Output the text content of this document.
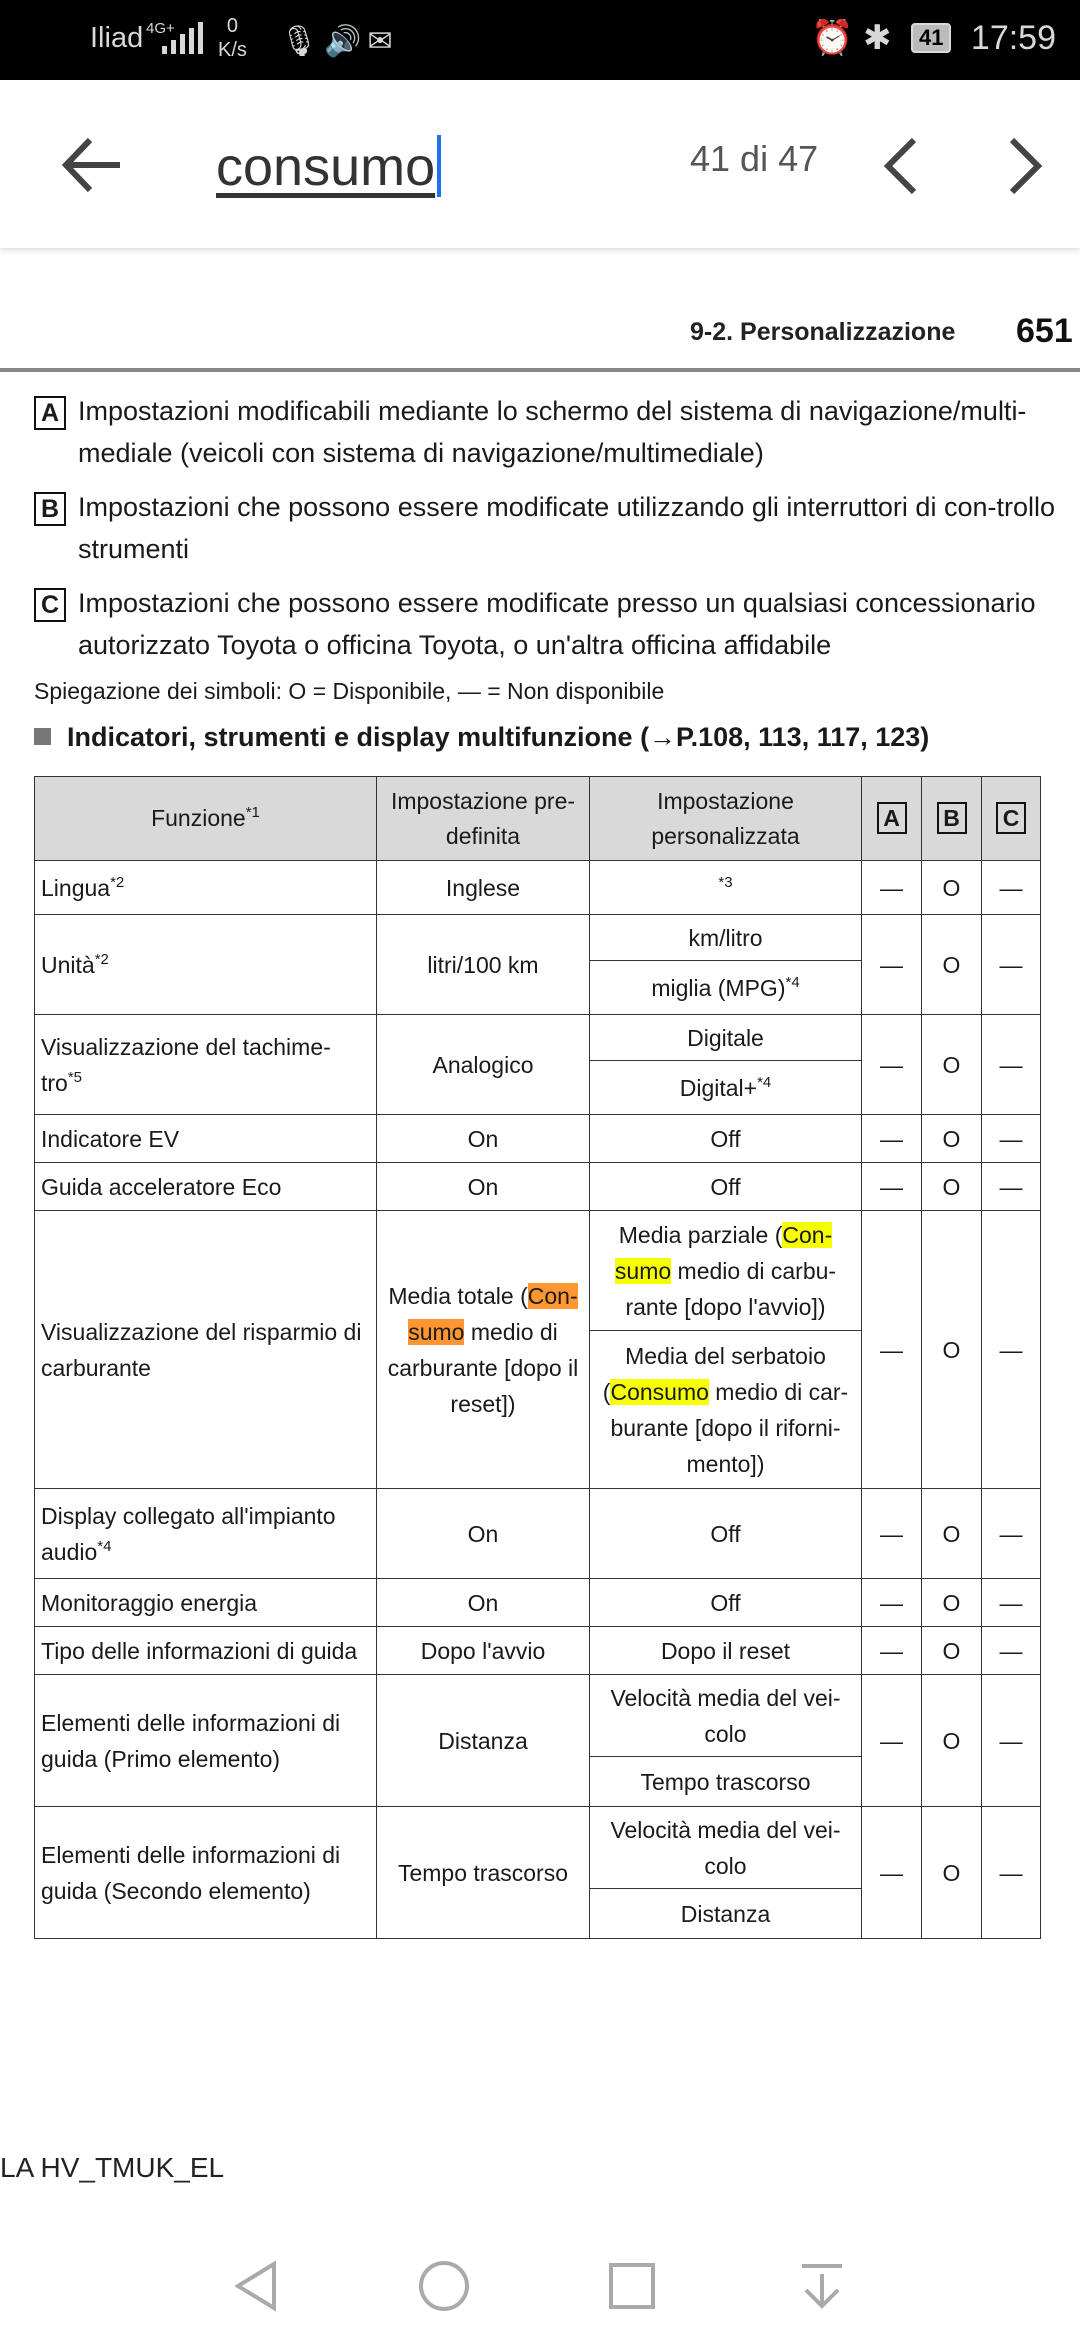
Iliad 4G+	0
K/s 🎙🔊✉	⏰ ✱ 41 17:59
consumo	41 di 47
9-2. Personalizzazione 651
A Impostazioni modificabili mediante lo schermo del sistema di navigazione/multi-mediale (veicoli con sistema di navigazione/multimediale)
B Impostazioni che possono essere modificate utilizzando gli interruttori di con-trollo strumenti
C Impostazioni che possono essere modificate presso un qualsiasi concessionario autorizzato Toyota o officina Toyota, o un'altra officina affidabile
Spiegazione dei simboli: O = Disponibile, — = Non disponibile
Indicatori, strumenti e display multifunzione (→P.108, 113, 117, 123)
Funzione$^{*1}$	Impostazione pre-definita	Impostazione personalizzata	A	B	C
Lingua$^{*2}$	Inglese	$^{*3}$	—	O	—
Unità$^{*2}$	litri/100 km	km/litro	—	O	—
		miglia (MPG)$^{*4}$
Visualizzazione del tachime-tro$^{*5}$	Analogico	Digitale	—	O	—
		Digital+$^{*4}$
Indicatore EV	On	Off	—	O	—
Guida acceleratore Eco	On	Off	—	O	—
Visualizzazione del risparmio di carburante	Media totale (Con-sumo medio di carburante [dopo il reset])	Media parziale (Con-sumo medio di carbu-rante [dopo l'avvio])	—	O	—
		Media del serbatoio (Consumo medio di car-burante [dopo il riforni-mento])			
Display collegato all'impianto audio$^{*4}$	On	Off	—	O	—
Monitoraggio energia	On	Off	—	O	—
Tipo delle informazioni di guida	Dopo l'avvio	Dopo il reset	—	O	—
Elementi delle informazioni di guida (Primo elemento)	Distanza	Velocità media del vei-colo	—	O	—
		Tempo trascorso			
Elementi delle informazioni di guida (Secondo elemento)	Tempo trascorso	Velocità media del vei-colo	—	O	—
		Distanza			
LA HV_TMUK_EL
